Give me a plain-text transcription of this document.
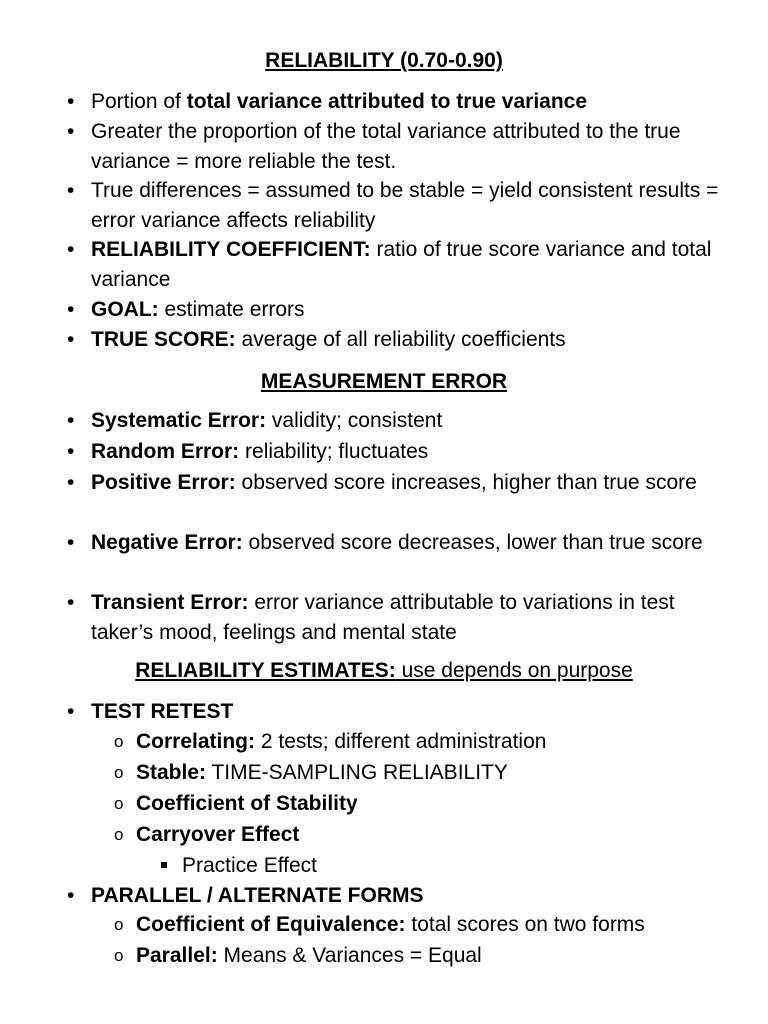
RELIABILITY (0.70-0.90)
• Portion of total variance attributed to true variance
• Greater the proportion of the total variance attributed to the true variance = more reliable the test.
• True differences = assumed to be stable = yield consistent results = error variance affects reliability
• RELIABILITY COEFFICIENT: ratio of true score variance and total variance
• GOAL: estimate errors
• TRUE SCORE: average of all reliability coefficients
MEASUREMENT ERROR
• Systematic Error: validity; consistent
• Random Error: reliability; fluctuates
• Positive Error: observed score increases, higher than true score
• Negative Error: observed score decreases, lower than true score
• Transient Error: error variance attributable to variations in test taker’s mood, feelings and mental state
RELIABILITY ESTIMATES: use depends on purpose
• TEST RETEST
o Correlating: 2 tests; different administration
o Stable: TIME-SAMPLING RELIABILITY
o Coefficient of Stability
o Carryover Effect
Practice Effect
• PARALLEL / ALTERNATE FORMS
o Coefficient of Equivalence: total scores on two forms
o Parallel: Means & Variances = Equal
